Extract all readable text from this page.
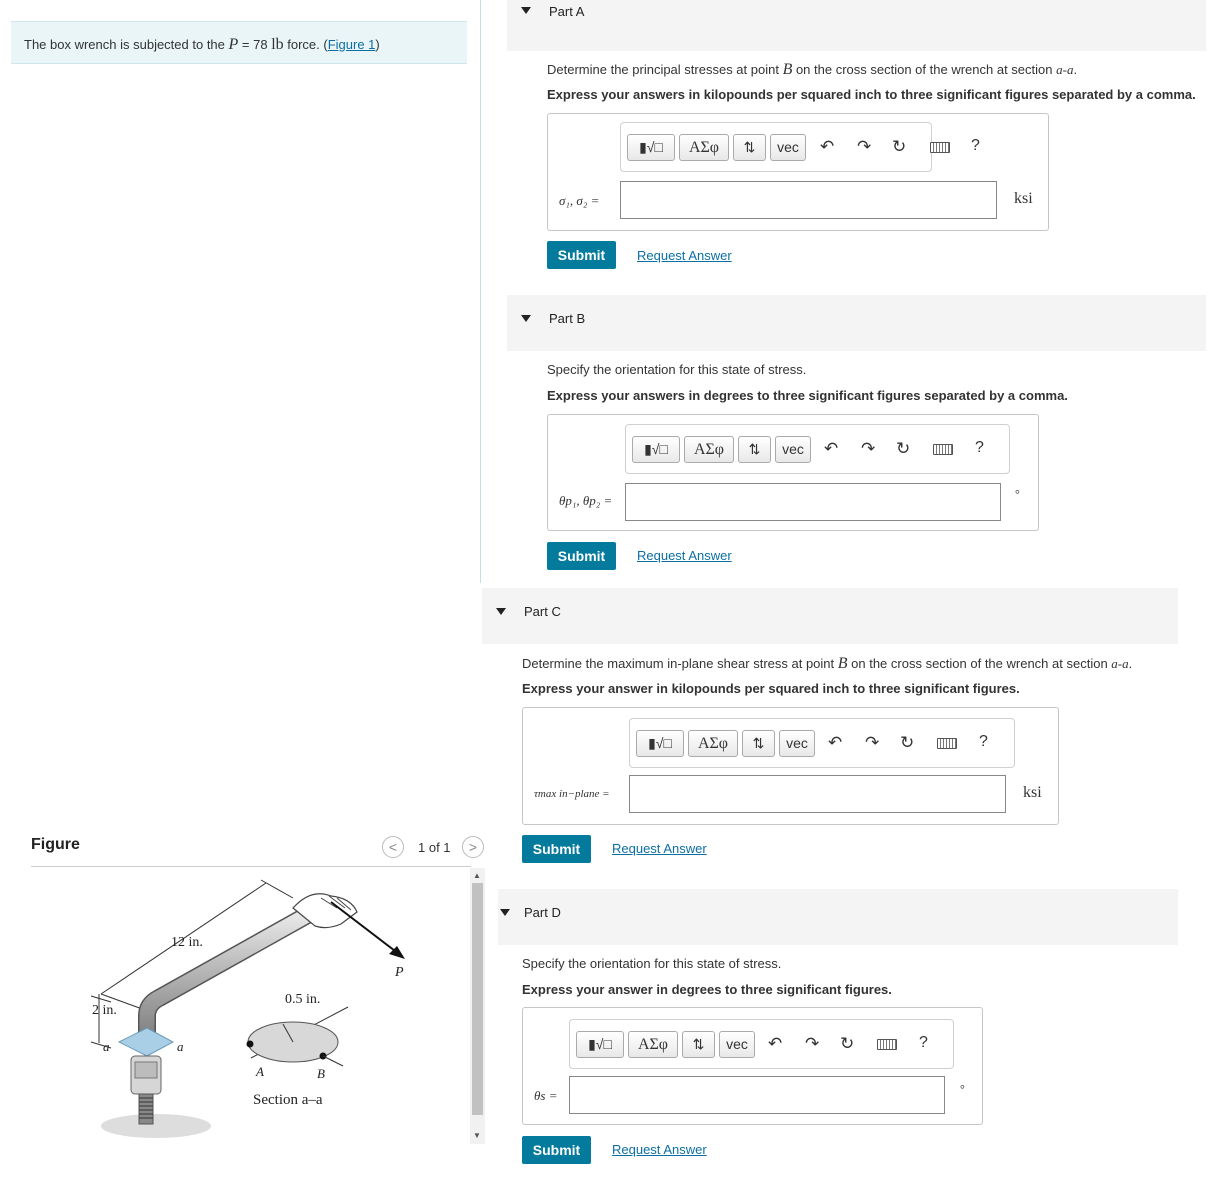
The box wrench is subjected to the P = 78 lb force. (Figure 1)
Figure	<	1 of 1	>
12 in.
2 in.
P
a	a
0.5 in.
A	B
Section a–a
▲
▼
Part A
Determine the principal stresses at point B on the cross section of the wrench at section a-a.
Express your answers in kilopounds per squared inch to three significant figures separated by a comma.
▮√□	ΑΣφ	⇅	vec	↶ ↷ ↻	?
σ₁, σ₂ =	ksi
Submit	Request Answer
Part B
Specify the orientation for this state of stress.
Express your answers in degrees to three significant figures separated by a comma.
▮√□	ΑΣφ	⇅	vec	↶ ↷ ↻	?
θp₁, θp₂ =	°
Submit	Request Answer
Part C
Determine the maximum in-plane shear stress at point B on the cross section of the wrench at section a-a.
Express your answer in kilopounds per squared inch to three significant figures.
▮√□	ΑΣφ	⇅	vec	↶ ↷ ↻	?
τmax in−plane =	ksi
Submit	Request Answer
Part D
Specify the orientation for this state of stress.
Express your answer in degrees to three significant figures.
▮√□	ΑΣφ	⇅	vec	↶ ↷ ↻	?
θs =	°
Submit	Request Answer
